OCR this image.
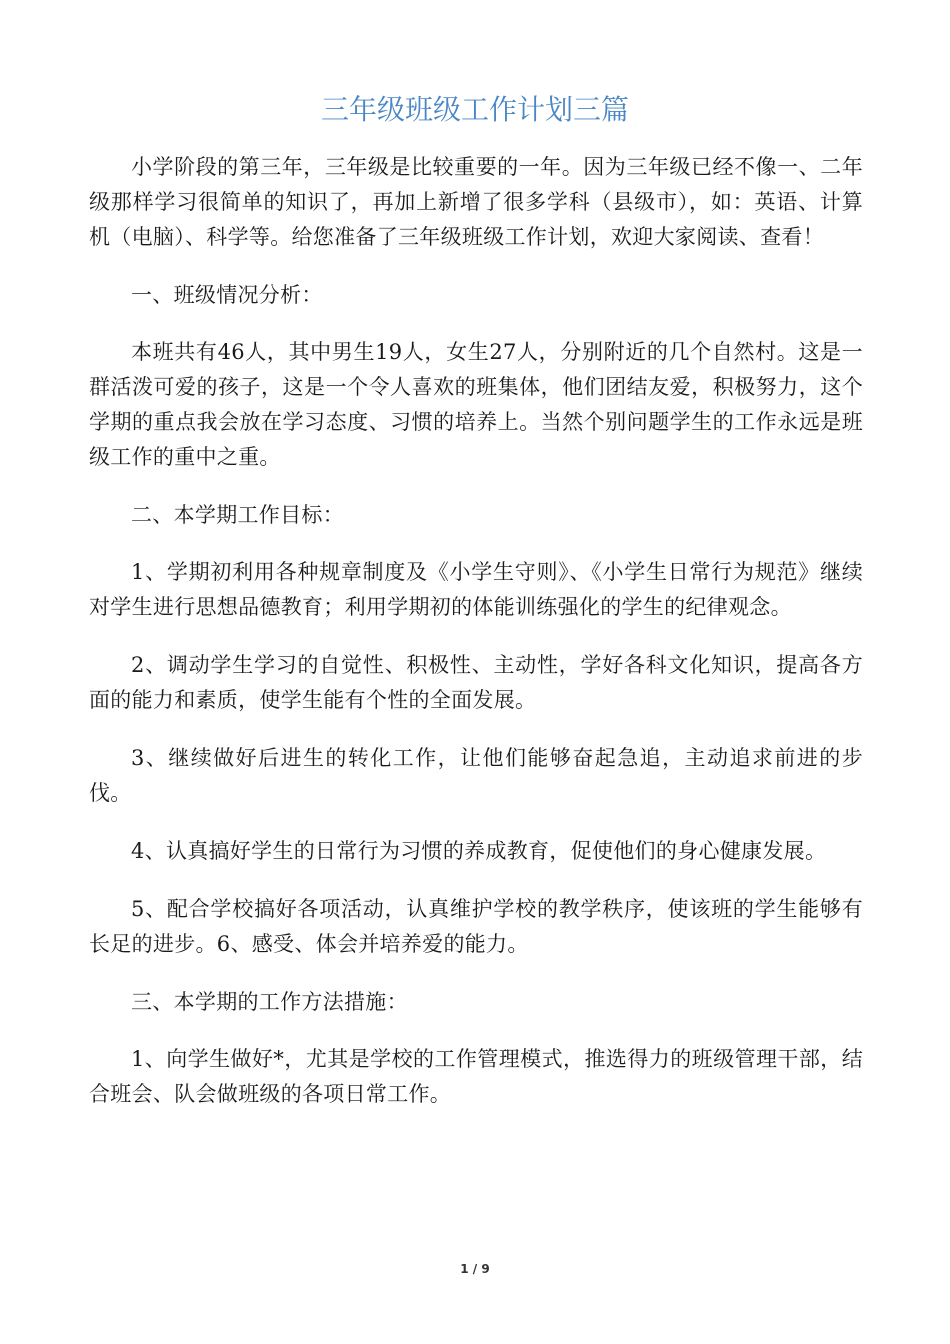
三年级班级工作计划三篇

小学阶段的第三年，三年级是比较重要的一年。因为三年级已经不像一、二年级那样学习很简单的知识了，再加上新增了很多学科（县级市），如：英语、计算机（电脑）、科学等。给您准备了三年级班级工作计划，欢迎大家阅读、查看！

一、班级情况分析：

本班共有46人，其中男生19人，女生27人，分别附近的几个自然村。这是一群活泼可爱的孩子，这是一个令人喜欢的班集体，他们团结友爱，积极努力，这个学期的重点我会放在学习态度、习惯的培养上。当然个别问题学生的工作永远是班级工作的重中之重。

二、本学期工作目标：

1、学期初利用各种规章制度及《小学生守则》、《小学生日常行为规范》继续对学生进行思想品德教育；利用学期初的体能训练强化的学生的纪律观念。

2、调动学生学习的自觉性、积极性、主动性，学好各科文化知识，提高各方面的能力和素质，使学生能有个性的全面发展。

3、继续做好后进生的转化工作，让他们能够奋起急追，主动追求前进的步伐。

4、认真搞好学生的日常行为习惯的养成教育，促使他们的身心健康发展。

5、配合学校搞好各项活动，认真维护学校的教学秩序，使该班的学生能够有长足的进步。6、感受、体会并培养爱的能力。

三、本学期的工作方法措施：

1、向学生做好*，尤其是学校的工作管理模式，推选得力的班级管理干部，结合班会、队会做班级的各项日常工作。

1 / 9
